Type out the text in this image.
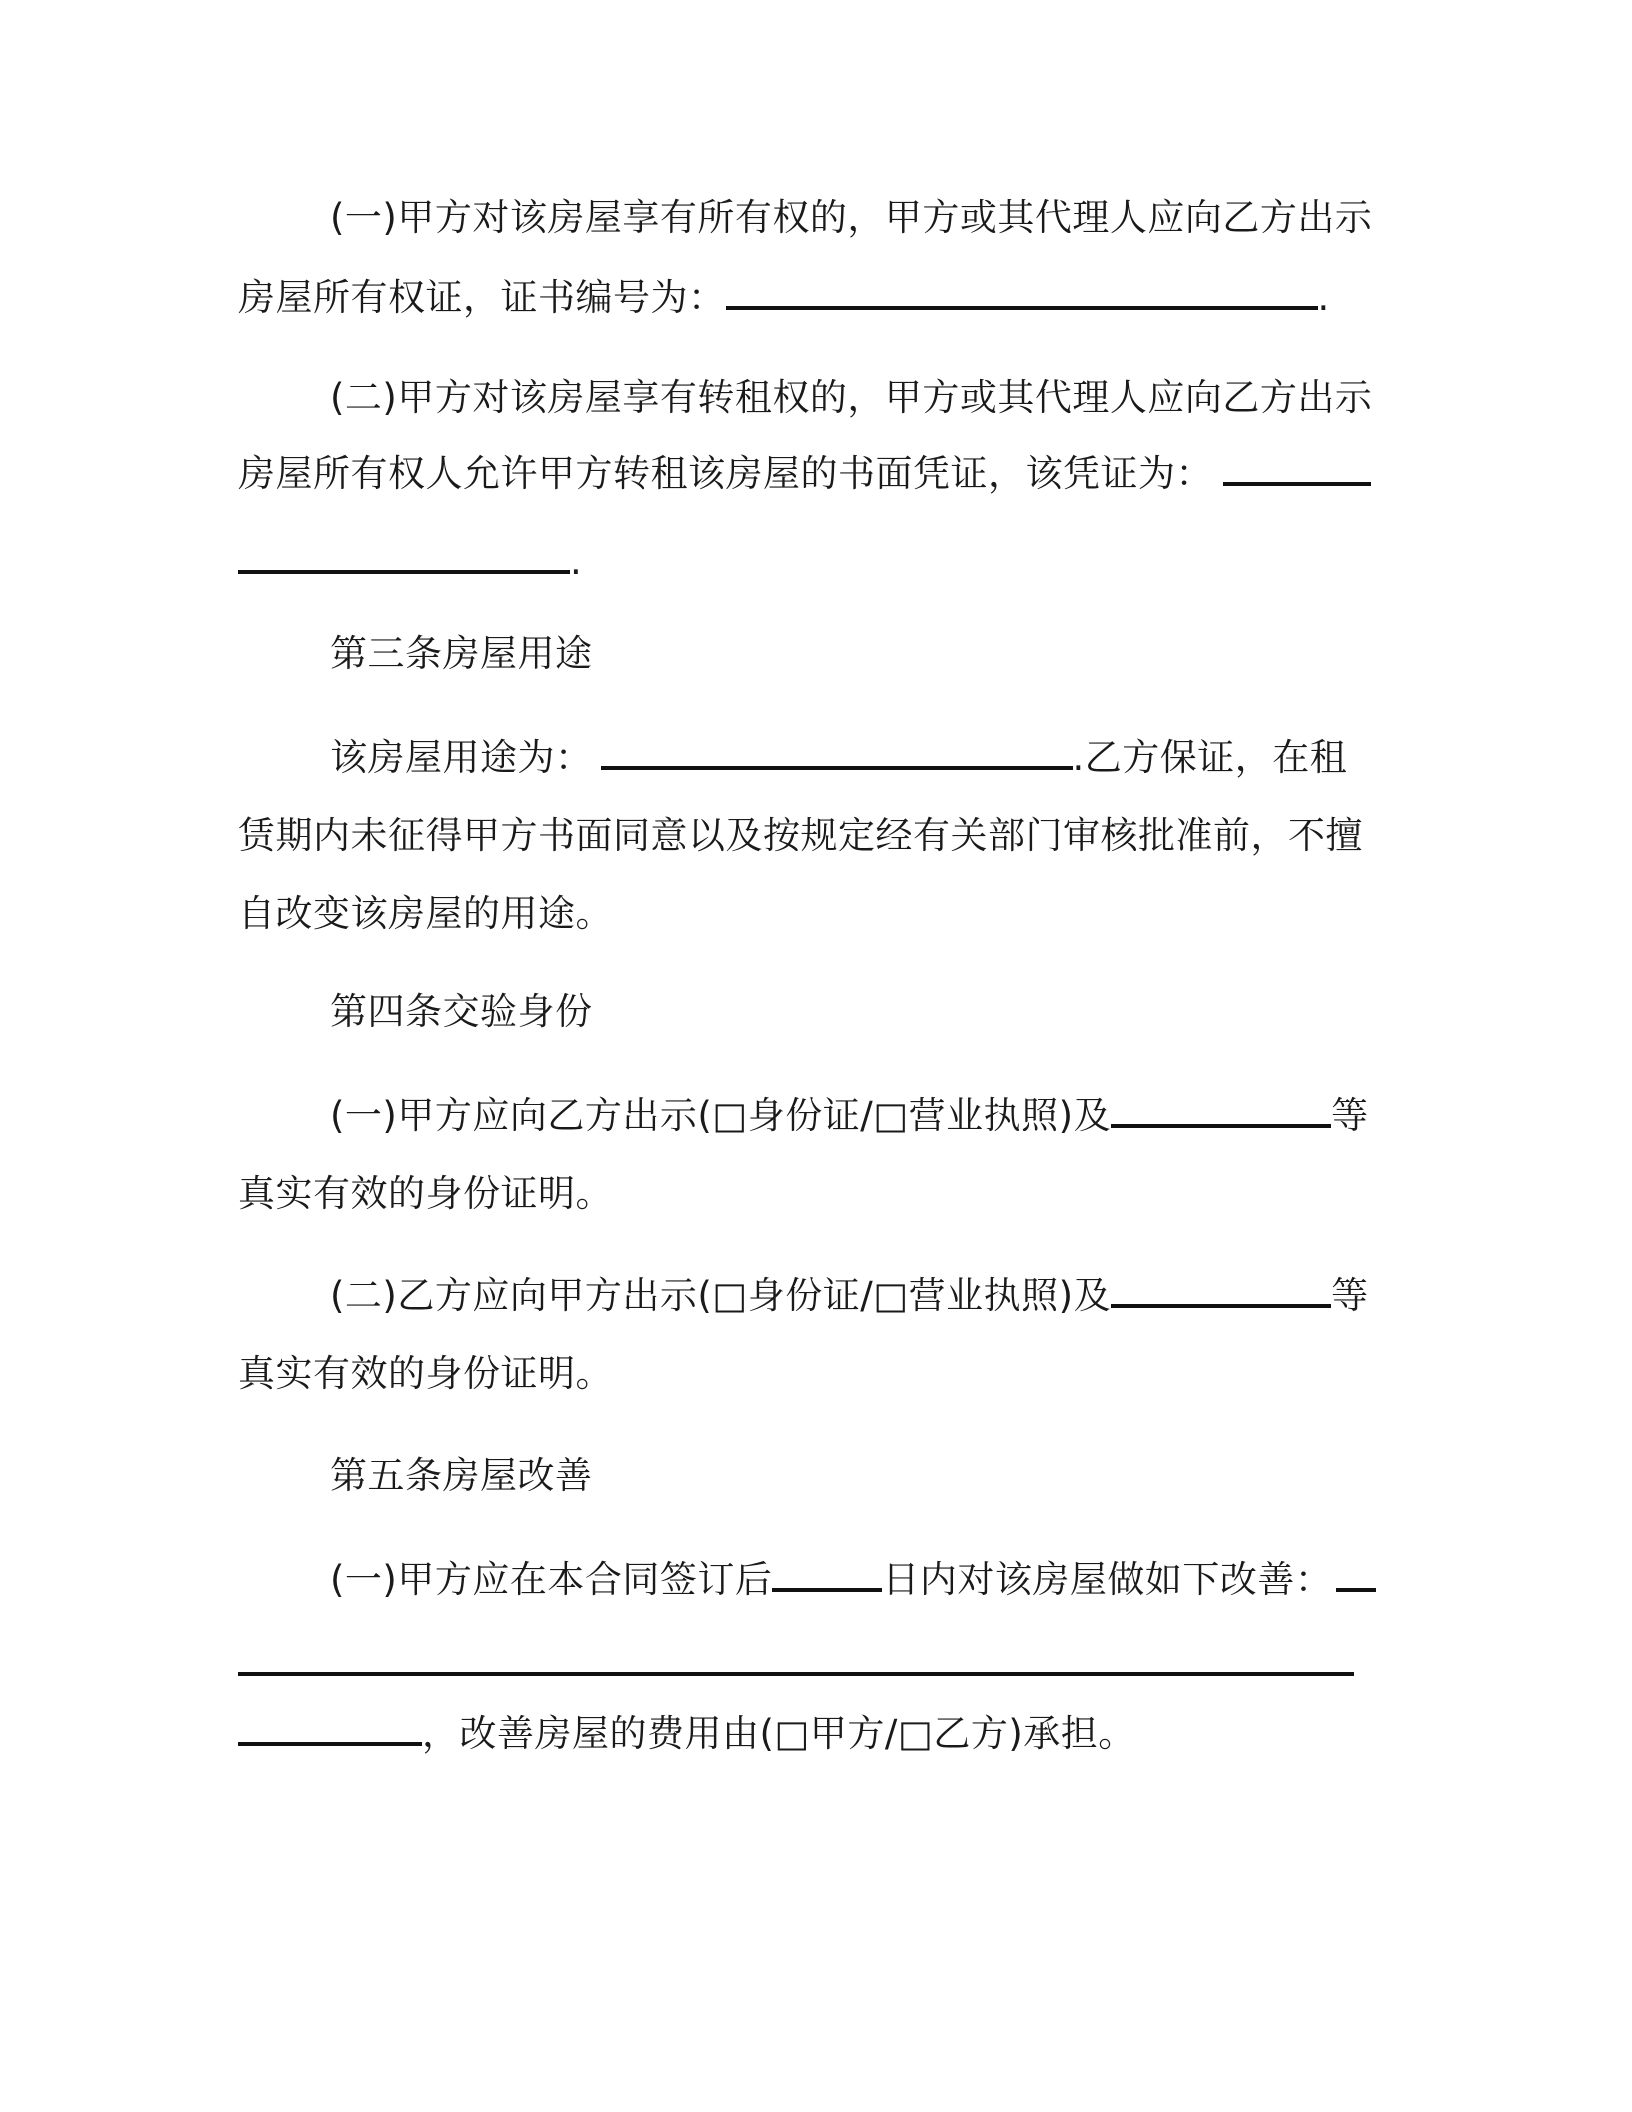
(一)甲方对该房屋享有所有权的，甲方或其代理人应向乙方出示
房屋所有权证，证书编号为：	.
(二)甲方对该房屋享有转租权的，甲方或其代理人应向乙方出示
房屋所有权人允许甲方转租该房屋的书面凭证，该凭证为：
.
第三条房屋用途
该房屋用途为：	.乙方保证，在租
赁期内未征得甲方书面同意以及按规定经有关部门审核批准前，不擅
自改变该房屋的用途。
第四条交验身份
(一)甲方应向乙方出示(□身份证/□营业执照)及	等
真实有效的身份证明。
(二)乙方应向甲方出示(□身份证/□营业执照)及	等
真实有效的身份证明。
第五条房屋改善
(一)甲方应在本合同签订后	日内对该房屋做如下改善：
，改善房屋的费用由(□甲方/□乙方)承担。
